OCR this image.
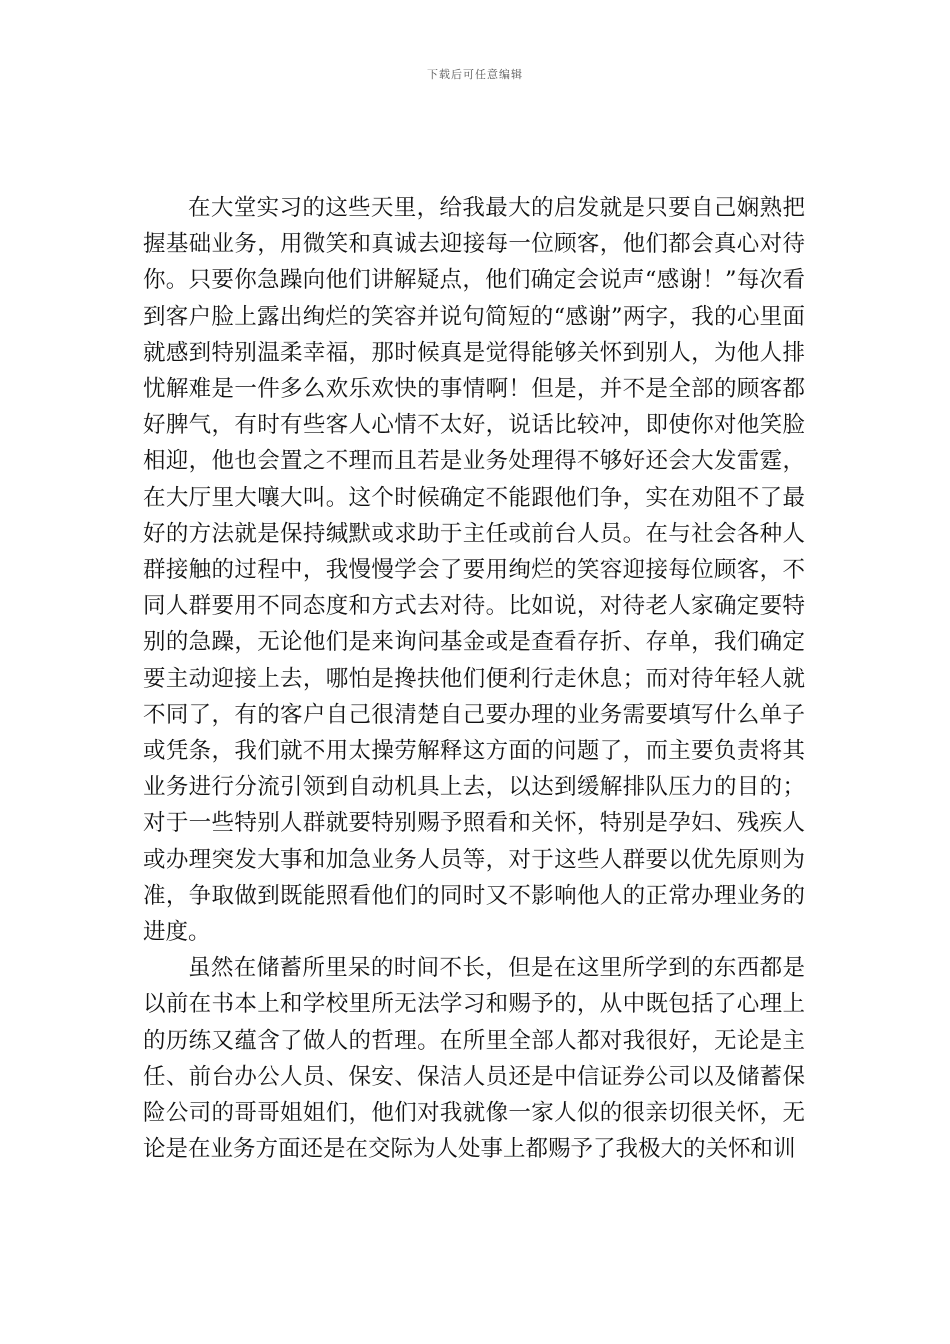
下载后可任意编辑

在大堂实习的这些天里，给我最大的启发就是只要自己娴熟把握基础业务，用微笑和真诚去迎接每一位顾客，他们都会真心对待你。只要你急躁向他们讲解疑点，他们确定会说声“感谢！”每次看到客户脸上露出绚烂的笑容并说句简短的“感谢”两字，我的心里面就感到特别温柔幸福，那时候真是觉得能够关怀到别人，为他人排忧解难是一件多么欢乐欢快的事情啊！但是，并不是全部的顾客都好脾气，有时有些客人心情不太好，说话比较冲，即使你对他笑脸相迎，他也会置之不理而且若是业务处理得不够好还会大发雷霆，在大厅里大嚷大叫。这个时候确定不能跟他们争，实在劝阻不了最好的方法就是保持缄默或求助于主任或前台人员。在与社会各种人群接触的过程中，我慢慢学会了要用绚烂的笑容迎接每位顾客，不同人群要用不同态度和方式去对待。比如说，对待老人家确定要特别的急躁，无论他们是来询问基金或是查看存折、存单，我们确定要主动迎接上去，哪怕是搀扶他们便利行走休息；而对待年轻人就不同了，有的客户自己很清楚自己要办理的业务需要填写什么单子或凭条，我们就不用太操劳解释这方面的问题了，而主要负责将其业务进行分流引领到自动机具上去，以达到缓解排队压力的目的；对于一些特别人群就要特别赐予照看和关怀，特别是孕妇、残疾人或办理突发大事和加急业务人员等，对于这些人群要以优先原则为准，争取做到既能照看他们的同时又不影响他人的正常办理业务的进度。

虽然在储蓄所里呆的时间不长，但是在这里所学到的东西都是以前在书本上和学校里所无法学习和赐予的，从中既包括了心理上的历练又蕴含了做人的哲理。在所里全部人都对我很好，无论是主任、前台办公人员、保安、保洁人员还是中信证券公司以及储蓄保险公司的哥哥姐姐们，他们对我就像一家人似的很亲切很关怀，无论是在业务方面还是在交际为人处事上都赐予了我极大的关怀和训
